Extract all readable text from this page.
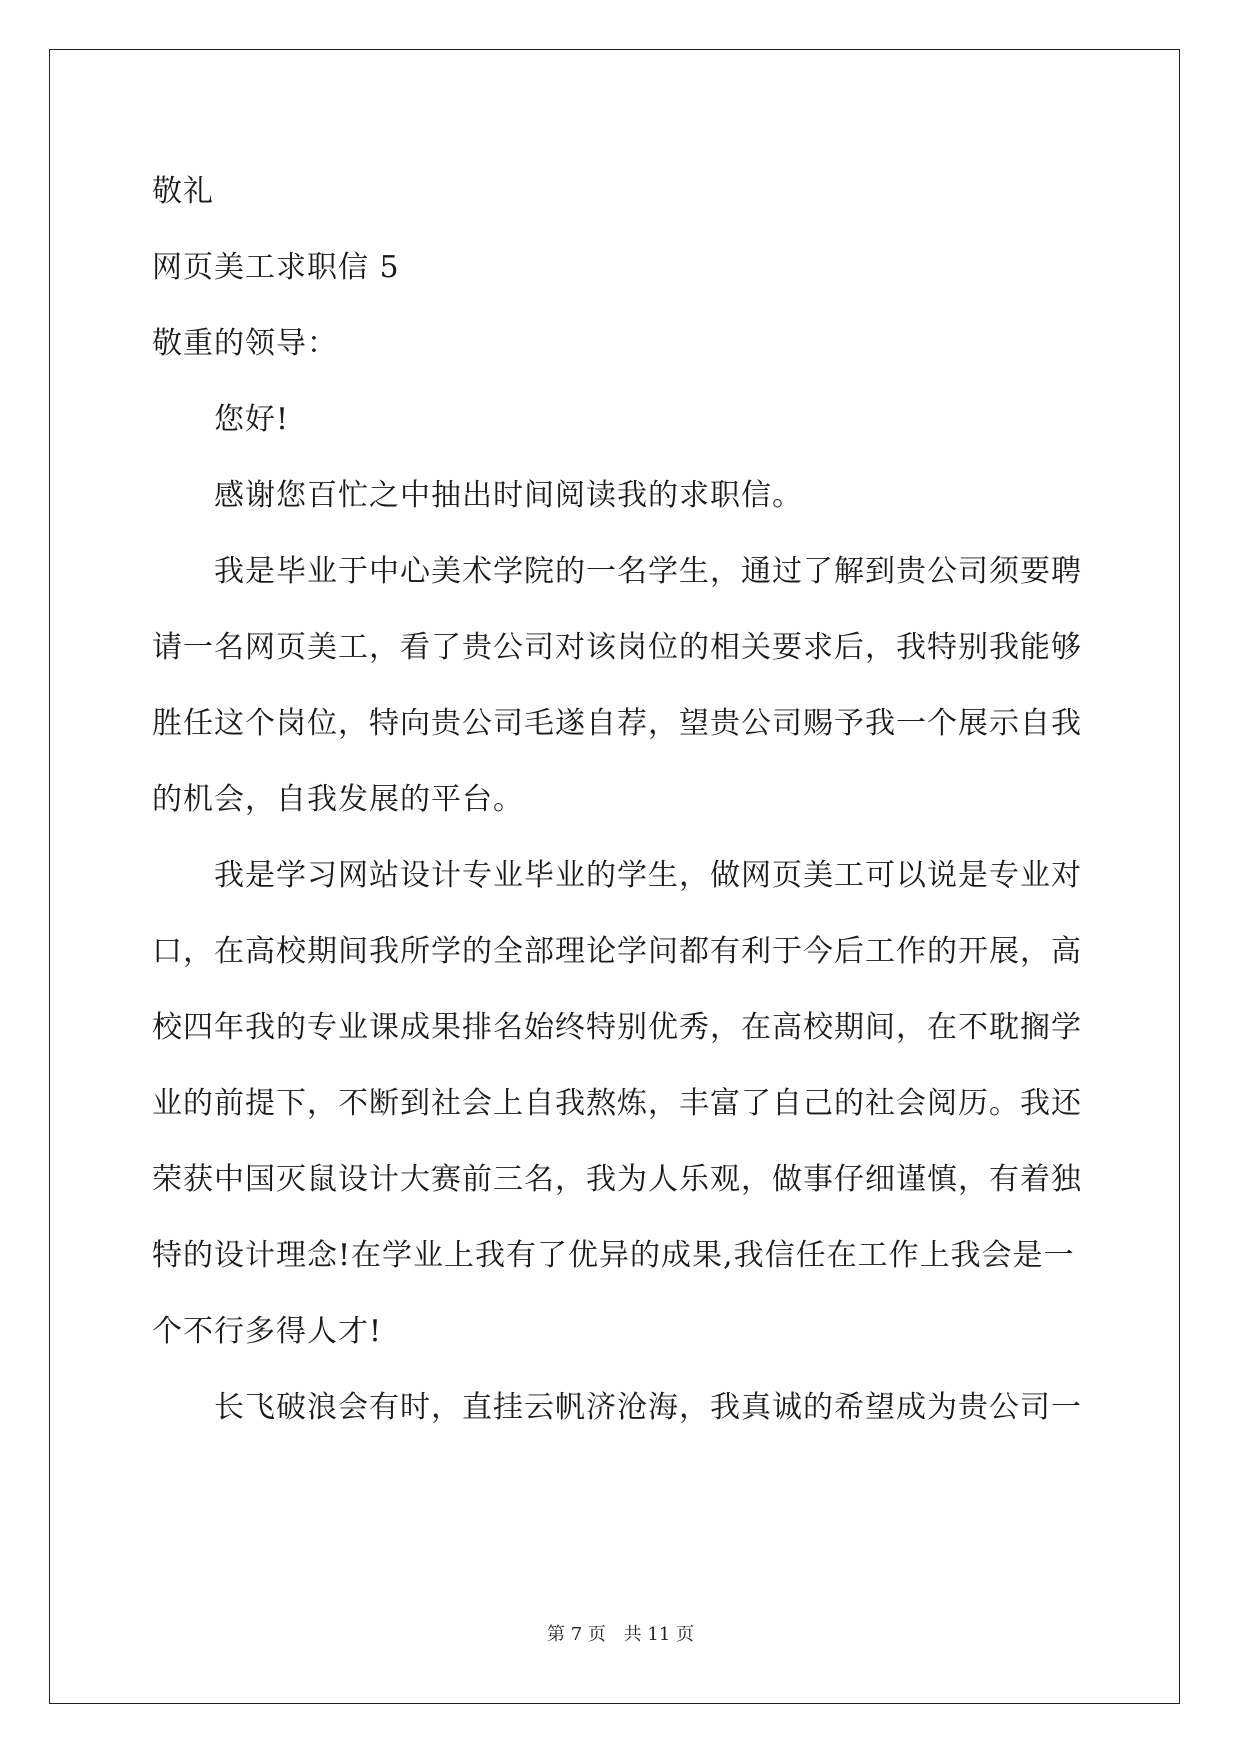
敬礼
网页美工求职信 5
敬重的领导：
您好!
感谢您百忙之中抽出时间阅读我的求职信。
我是毕业于中心美术学院的一名学生，通过了解到贵公司须要聘
请一名网页美工，看了贵公司对该岗位的相关要求后，我特别我能够
胜任这个岗位，特向贵公司毛遂自荐，望贵公司赐予我一个展示自我
的机会，自我发展的平台。
我是学习网站设计专业毕业的学生，做网页美工可以说是专业对
口，在高校期间我所学的全部理论学问都有利于今后工作的开展，高
校四年我的专业课成果排名始终特别优秀，在高校期间，在不耽搁学
业的前提下，不断到社会上自我熬炼，丰富了自己的社会阅历。我还
荣获中国灭鼠设计大赛前三名，我为人乐观，做事仔细谨慎，有着独
特的设计理念!在学业上我有了优异的成果,我信任在工作上我会是一
个不行多得人才!
长飞破浪会有时，直挂云帆济沧海，我真诚的希望成为贵公司一
第 7 页 共 11 页
